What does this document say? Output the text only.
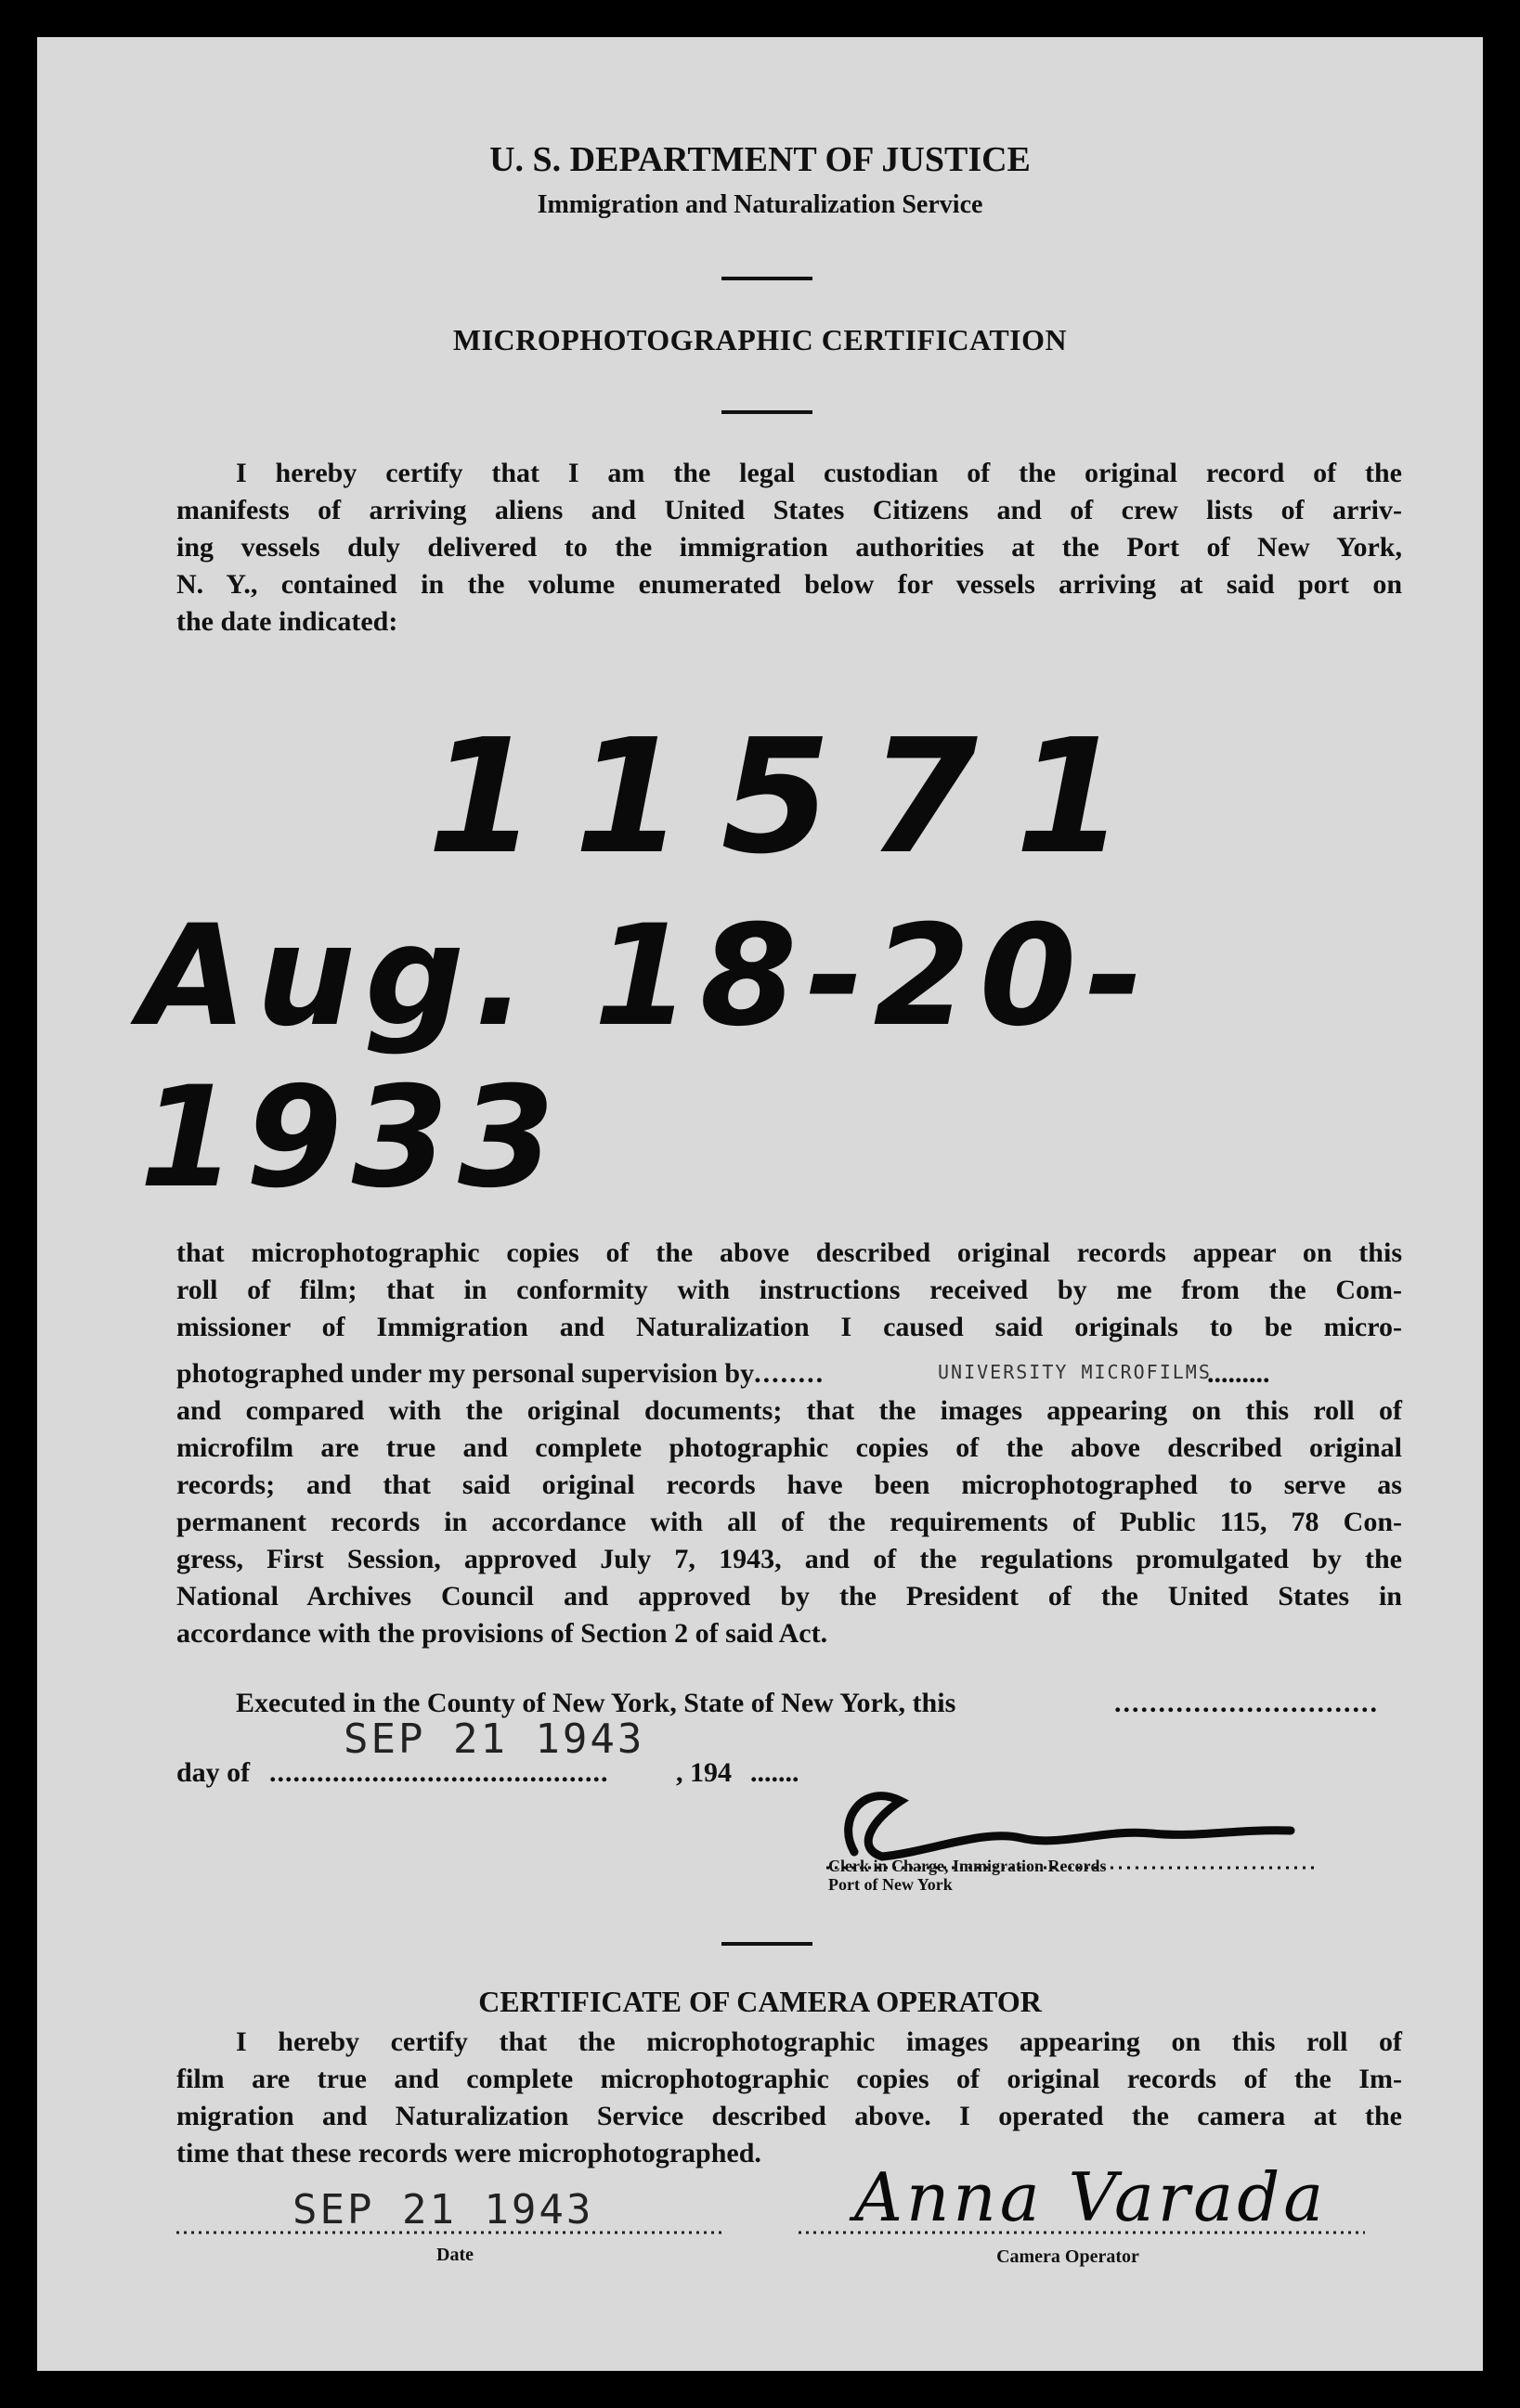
U. S. DEPARTMENT OF JUSTICE
Immigration and Naturalization Service
MICROPHOTOGRAPHIC CERTIFICATION
I hereby certify that I am the legal custodian of the original record of the
manifests of arriving aliens and United States Citizens and of crew lists of arriv-
ing vessels duly delivered to the immigration authorities at the Port of New York,
N. Y., contained in the volume enumerated below for vessels arriving at said port on
the date indicated:
11571
Aug. 18-20-1933
that microphotographic copies of the above described original records appear on this
roll of film; that in conformity with instructions received by me from the Com-
missioner of Immigration and Naturalization I caused said originals to be micro-
photographed under my personal supervision by........	UNIVERSITY MICROFILMS
.........
and compared with the original documents; that the images appearing on this roll of
microfilm are true and complete photographic copies of the above described original
records; and that said original records have been microphotographed to serve as
permanent records in accordance with all of the requirements of Public 115, 78 Con-
gress, First Session, approved July 7, 1943, and of the regulations promulgated by the
National Archives Council and approved by the President of the United States in
accordance with the provisions of Section 2 of said Act.
Executed in the County of New York, State of New York, this	..............................
SEP 21 1943
day of ........................................... , 194 .......
Clerk in Charge, Immigration Records
Port of New York
CERTIFICATE OF CAMERA OPERATOR
I hereby certify that the microphotographic images appearing on this roll of
film are true and complete microphotographic copies of original records of the Im-
migration and Naturalization Service described above. I operated the camera at the
time that these records were microphotographed.
SEP 21 1943
Date
Anna Varada
Camera Operator
